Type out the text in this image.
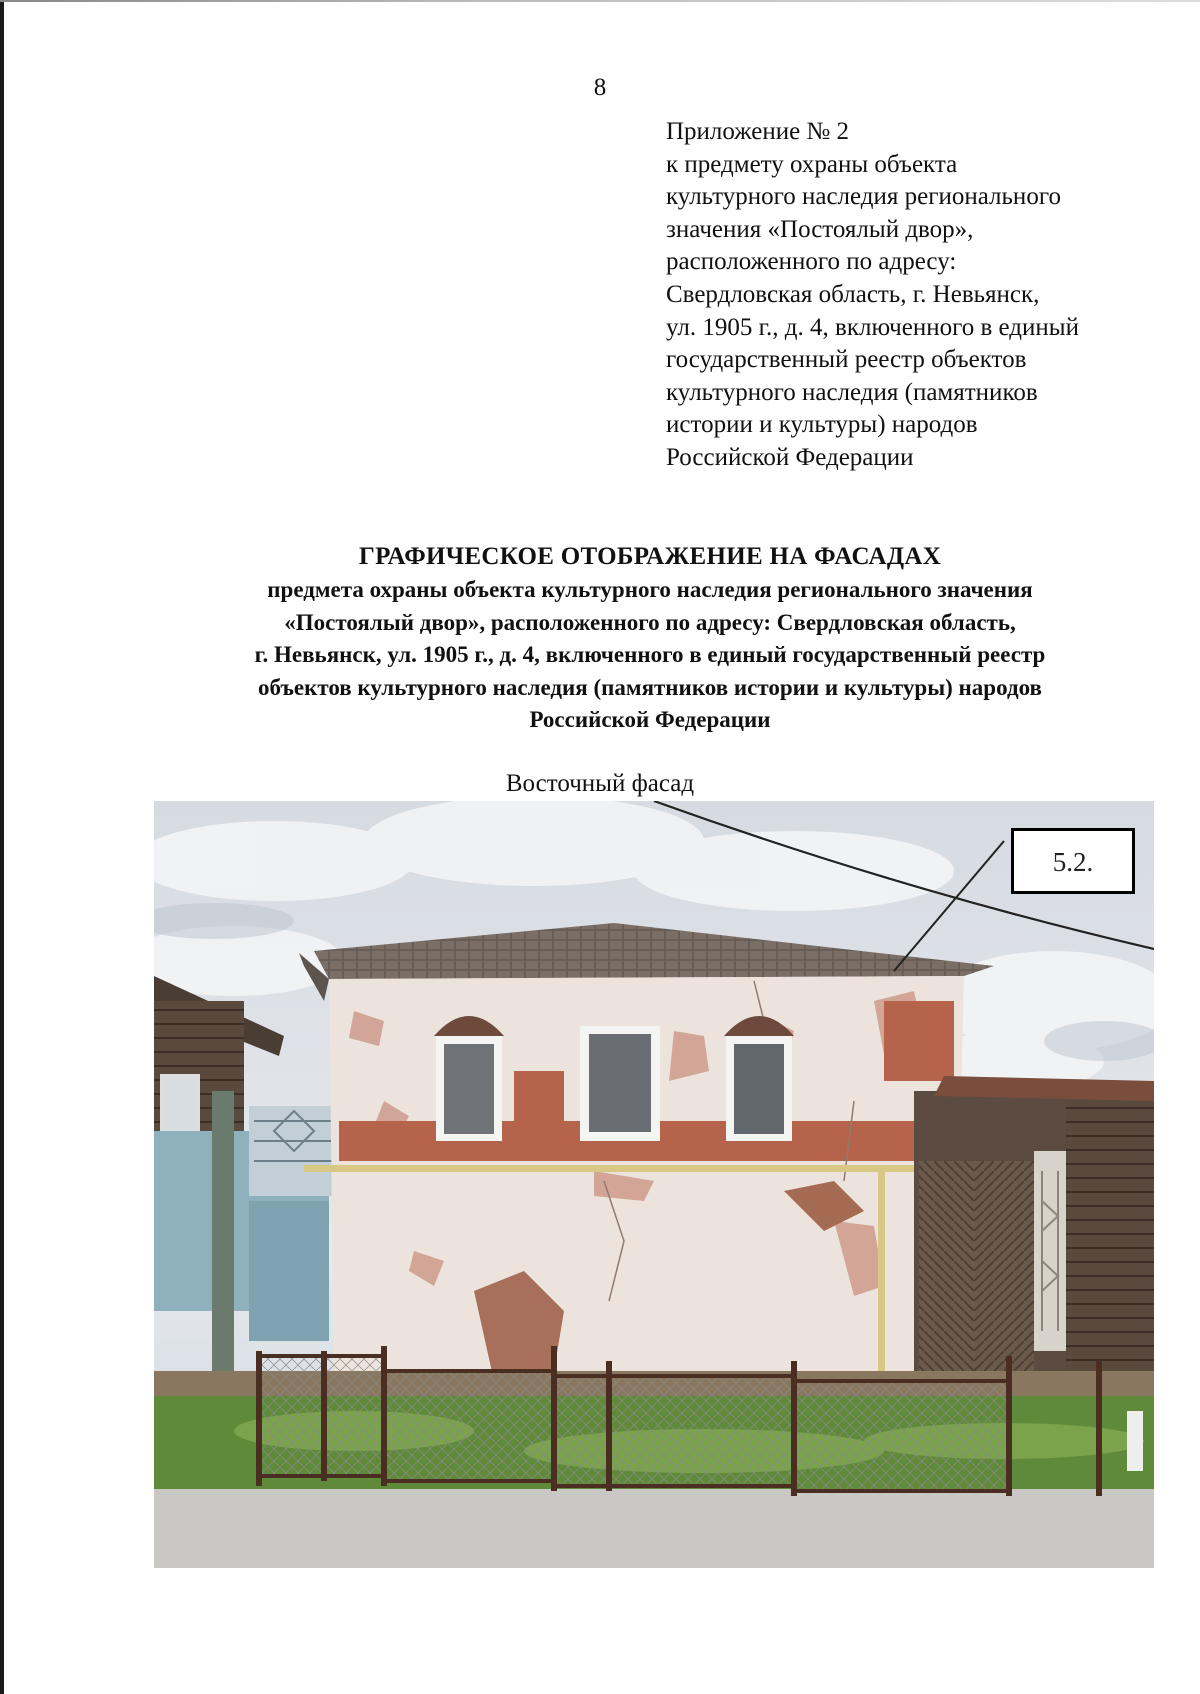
8
Приложение № 2
к предмету охраны объекта
культурного наследия регионального
значения «Постоялый двор»,
расположенного по адресу:
Свердловская область, г. Невьянск,
ул. 1905 г., д. 4, включенного в единый
государственный реестр объектов
культурного наследия (памятников
истории и культуры) народов
Российской Федерации
ГРАФИЧЕСКОЕ ОТОБРАЖЕНИЕ НА ФАСАДАХ
предмета охраны объекта культурного наследия регионального значения
«Постоялый двор», расположенного по адресу: Свердловская область,
г. Невьянск, ул. 1905 г., д. 4, включенного в единый государственный реестр
объектов культурного наследия (памятников истории и культуры) народов
Российской Федерации
Восточный фасад
5.2.
